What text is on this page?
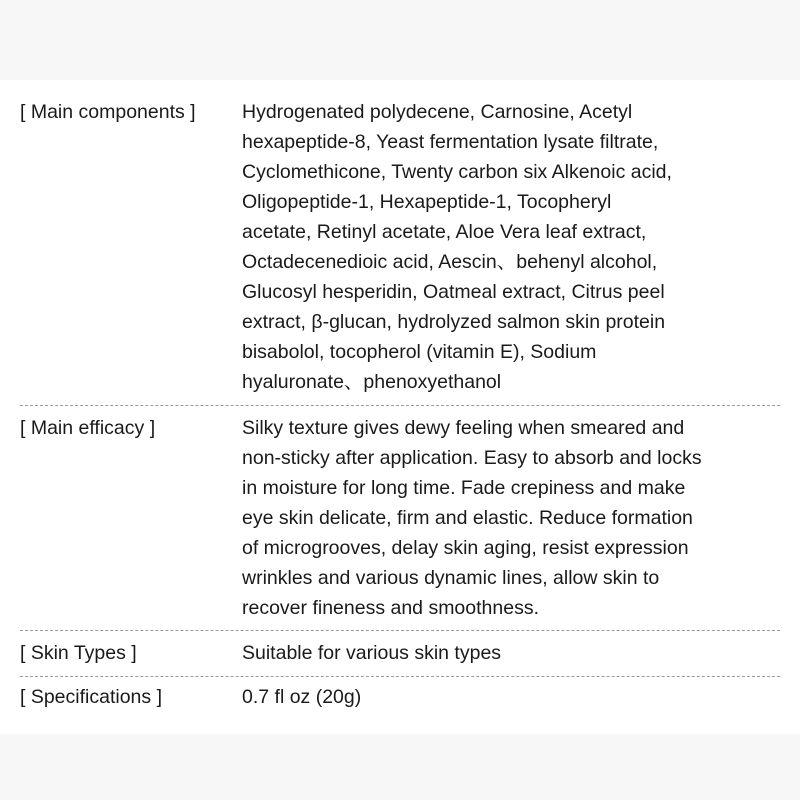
[ Main components ] Hydrogenated polydecene, Carnosine, Acetyl
hexapeptide-8, Yeast fermentation lysate filtrate,
Cyclomethicone, Twenty carbon six Alkenoic acid,
Oligopeptide-1, Hexapeptide-1, Tocopheryl
acetate, Retinyl acetate, Aloe Vera leaf extract,
Octadecenedioic acid, Aescin、behenyl alcohol,
Glucosyl hesperidin, Oatmeal extract, Citrus peel
extract, β-glucan, hydrolyzed salmon skin protein
bisabolol, tocopherol (vitamin E), Sodium
hyaluronate、phenoxyethanol
[ Main efficacy ]	Silky texture gives dewy feeling when smeared and
non-sticky after application. Easy to absorb and locks
in moisture for long time. Fade crepiness and make
eye skin delicate, firm and elastic. Reduce formation
of microgrooves, delay skin aging, resist expression
wrinkles and various dynamic lines, allow skin to
recover fineness and smoothness.
[ Skin Types ]	Suitable for various skin types
[ Specifications ]	0.7 fl oz (20g)
